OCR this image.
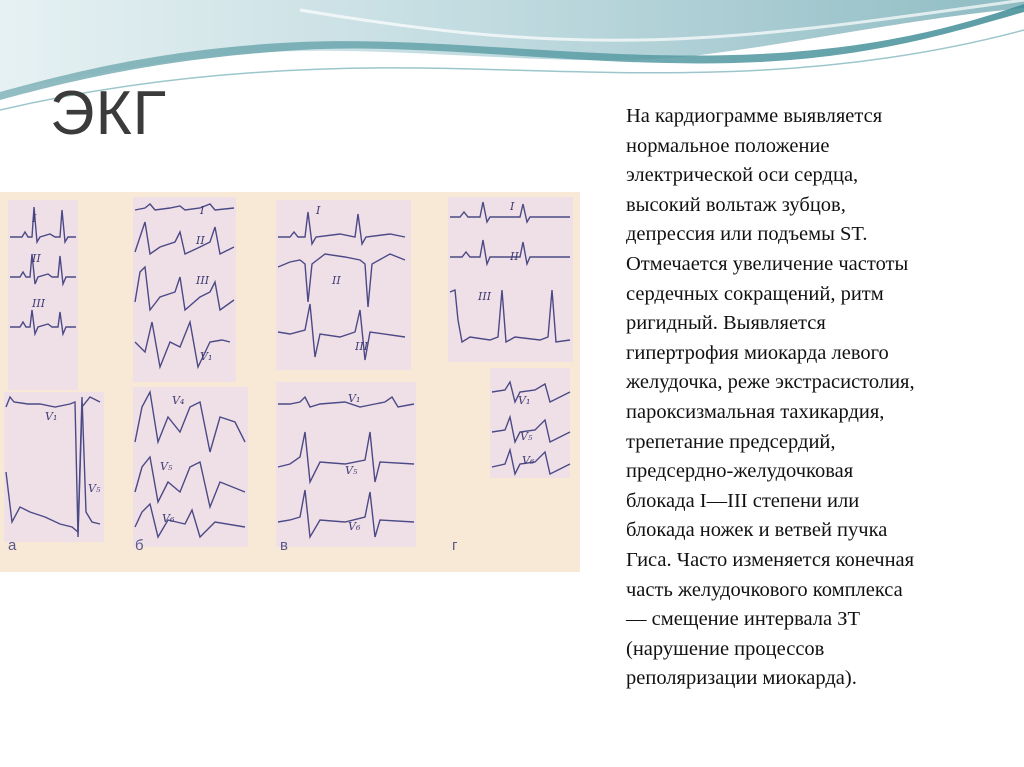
ЭКГ
I
II
III
V₁
V₅
I
II
III
V₁
V₄
V₅
V₆
I
II
III
V₁
V₅
V₆
I
II
III
V₁
V₅
V₆
а	б	в	г
На кардиограмме выявляется
нормальное положение
электрической оси сердца,
высокий вольтаж зубцов,
депрессия или подъемы ST.
Отмечается увеличение частоты
сердечных сокращений, ритм
ригидный. Выявляется
гипертрофия миокарда левого
желудочка, реже экстрасистолия,
пароксизмальная тахикардия,
трепетание предсердий,
предсердно-желудочковая
блокада I—III степени или
блокада ножек и ветвей пучка
Гиса. Часто изменяется конечная
часть желудочкового комплекса
— смещение интервала ЗТ
(нарушение процессов
реполяризации миокарда).
